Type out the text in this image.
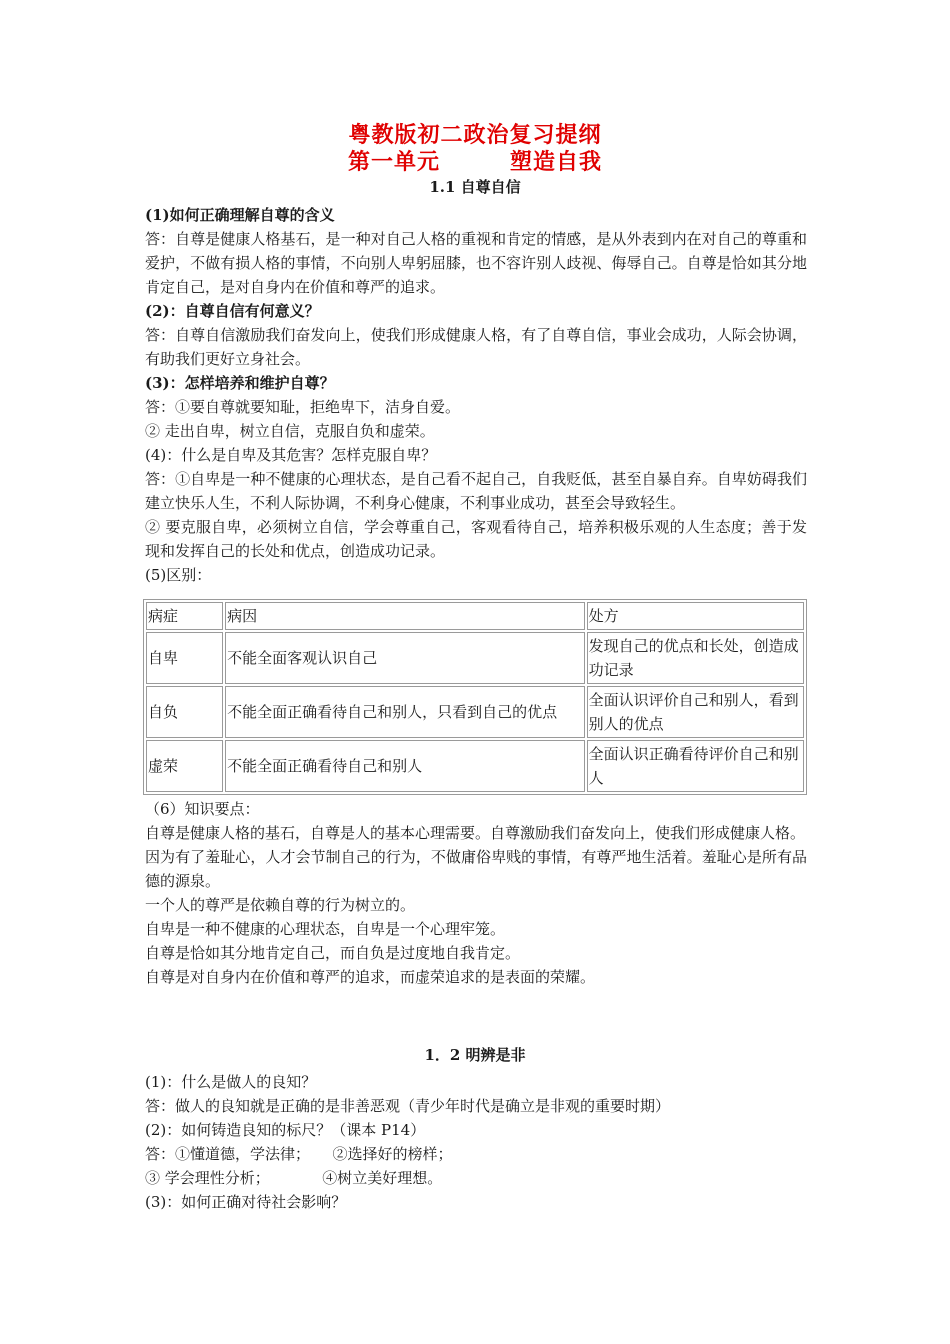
粤教版初二政治复习提纲
第一单元	塑造自我
1.1 自尊自信

(1)如何正确理解自尊的含义

答：自尊是健康人格基石，是一种对自己人格的重视和肯定的情感，是从外表到内在对自己的尊重和爱护，不做有损人格的事情，不向别人卑躬屈膝，也不容许别人歧视、侮辱自己。自尊是恰如其分地肯定自己，是对自身内在价值和尊严的追求。

(2)：自尊自信有何意义？

答：自尊自信激励我们奋发向上，使我们形成健康人格，有了自尊自信，事业会成功，人际会协调，有助我们更好立身社会。

(3)：怎样培养和维护自尊？

答：①要自尊就要知耻，拒绝卑下，洁身自爱。

② 走出自卑，树立自信，克服自负和虚荣。

(4)：什么是自卑及其危害？怎样克服自卑？

答：①自卑是一种不健康的心理状态，是自己看不起自己，自我贬低，甚至自暴自弃。自卑妨碍我们建立快乐人生，不利人际协调，不利身心健康，不利事业成功，甚至会导致轻生。

② 要克服自卑，必须树立自信，学会尊重自己，客观看待自己，培养积极乐观的人生态度；善于发现和发挥自己的长处和优点，创造成功记录。

(5)区别：

病症	病因	处方
自卑	不能全面客观认识自己	发现自己的优点和长处，创造成功记录
自负	不能全面正确看待自己和别人，只看到自己的优点	全面认识评价自己和别人，看到别人的优点
虚荣	不能全面正确看待自己和别人	全面认识正确看待评价自己和别人

（6）知识要点：

自尊是健康人格的基石，自尊是人的基本心理需要。自尊激励我们奋发向上，使我们形成健康人格。

因为有了羞耻心，人才会节制自己的行为，不做庸俗卑贱的事情，有尊严地生活着。羞耻心是所有品德的源泉。

一个人的尊严是依赖自尊的行为树立的。

自卑是一种不健康的心理状态，自卑是一个心理牢笼。

自尊是恰如其分地肯定自己，而自负是过度地自我肯定。

自尊是对自身内在价值和尊严的追求，而虚荣追求的是表面的荣耀。

1．2 明辨是非

(1)：什么是做人的良知？

答：做人的良知就是正确的是非善恶观（青少年时代是确立是非观的重要时期）

(2)：如何铸造良知的标尺？（课本 P14）

答：①懂道德，学法律；　　②选择好的榜样；

③ 学会理性分析；　　　　④树立美好理想。

(3)：如何正确对待社会影响？
